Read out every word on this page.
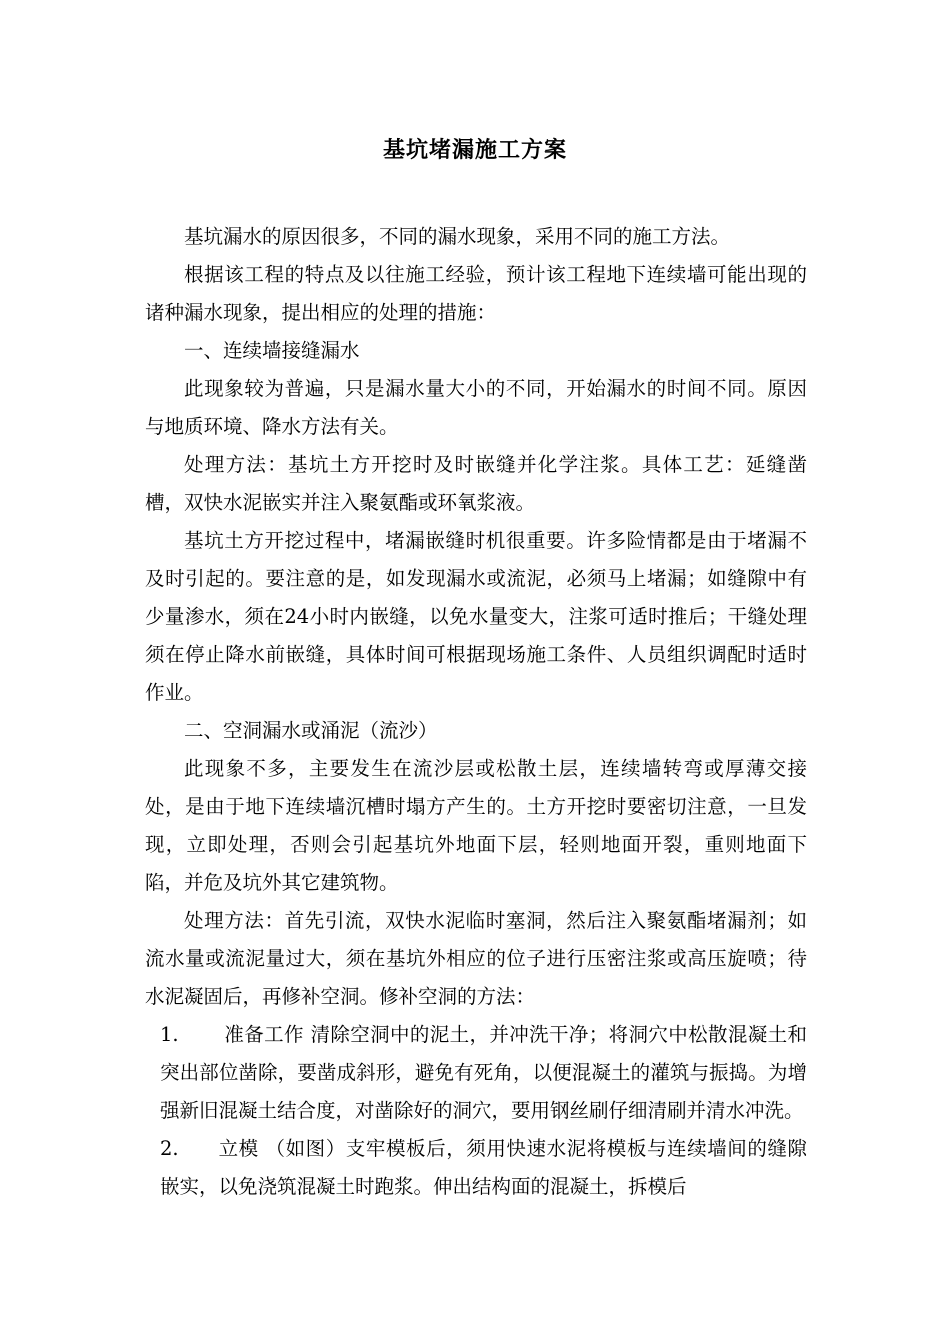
基坑堵漏施工方案

基坑漏水的原因很多，不同的漏水现象，采用不同的施工方法。

根据该工程的特点及以往施工经验，预计该工程地下连续墙可能出现的诸种漏水现象，提出相应的处理的措施：

一、连续墙接缝漏水

此现象较为普遍，只是漏水量大小的不同，开始漏水的时间不同。原因与地质环境、降水方法有关。

处理方法：基坑土方开挖时及时嵌缝并化学注浆。具体工艺：延缝凿槽，双快水泥嵌实并注入聚氨酯或环氧浆液。

基坑土方开挖过程中，堵漏嵌缝时机很重要。许多险情都是由于堵漏不及时引起的。要注意的是，如发现漏水或流泥，必须马上堵漏；如缝隙中有少量渗水，须在24小时内嵌缝，以免水量变大，注浆可适时推后；干缝处理须在停止降水前嵌缝，具体时间可根据现场施工条件、人员组织调配时适时作业。

二、空洞漏水或涌泥（流沙）

此现象不多，主要发生在流沙层或松散土层，连续墙转弯或厚薄交接处，是由于地下连续墙沉槽时塌方产生的。土方开挖时要密切注意，一旦发现，立即处理，否则会引起基坑外地面下层，轻则地面开裂，重则地面下陷，并危及坑外其它建筑物。

处理方法：首先引流，双快水泥临时塞洞，然后注入聚氨酯堵漏剂；如流水量或流泥量过大，须在基坑外相应的位子进行压密注浆或高压旋喷；待水泥凝固后，再修补空洞。修补空洞的方法：

1. 准备工作 清除空洞中的泥土，并冲洗干净；将洞穴中松散混凝土和突出部位凿除，要凿成斜形，避免有死角，以便混凝土的灌筑与振捣。为增强新旧混凝土结合度，对凿除好的洞穴，要用钢丝刷仔细清刷并清水冲洗。
2. 立模 （如图）支牢模板后，须用快速水泥将模板与连续墙间的缝隙嵌实，以免浇筑混凝土时跑浆。伸出结构面的混凝土，拆模后
